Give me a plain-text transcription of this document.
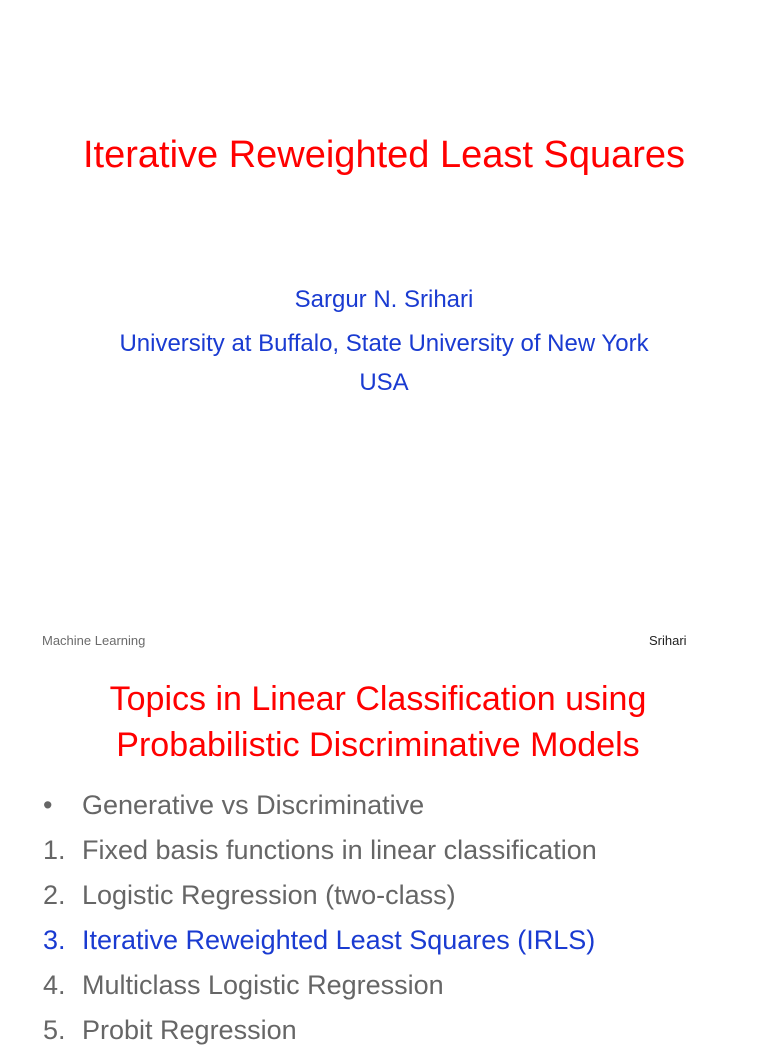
Iterative Reweighted Least Squares
Sargur N. Srihari
University at Buffalo, State University of New York
USA
Machine Learning	Srihari
Topics in Linear Classification using
Probabilistic Discriminative Models
• Generative vs Discriminative
1. Fixed basis functions in linear classification
2. Logistic Regression (two-class)
3. Iterative Reweighted Least Squares (IRLS)
4. Multiclass Logistic Regression
5. Probit Regression
